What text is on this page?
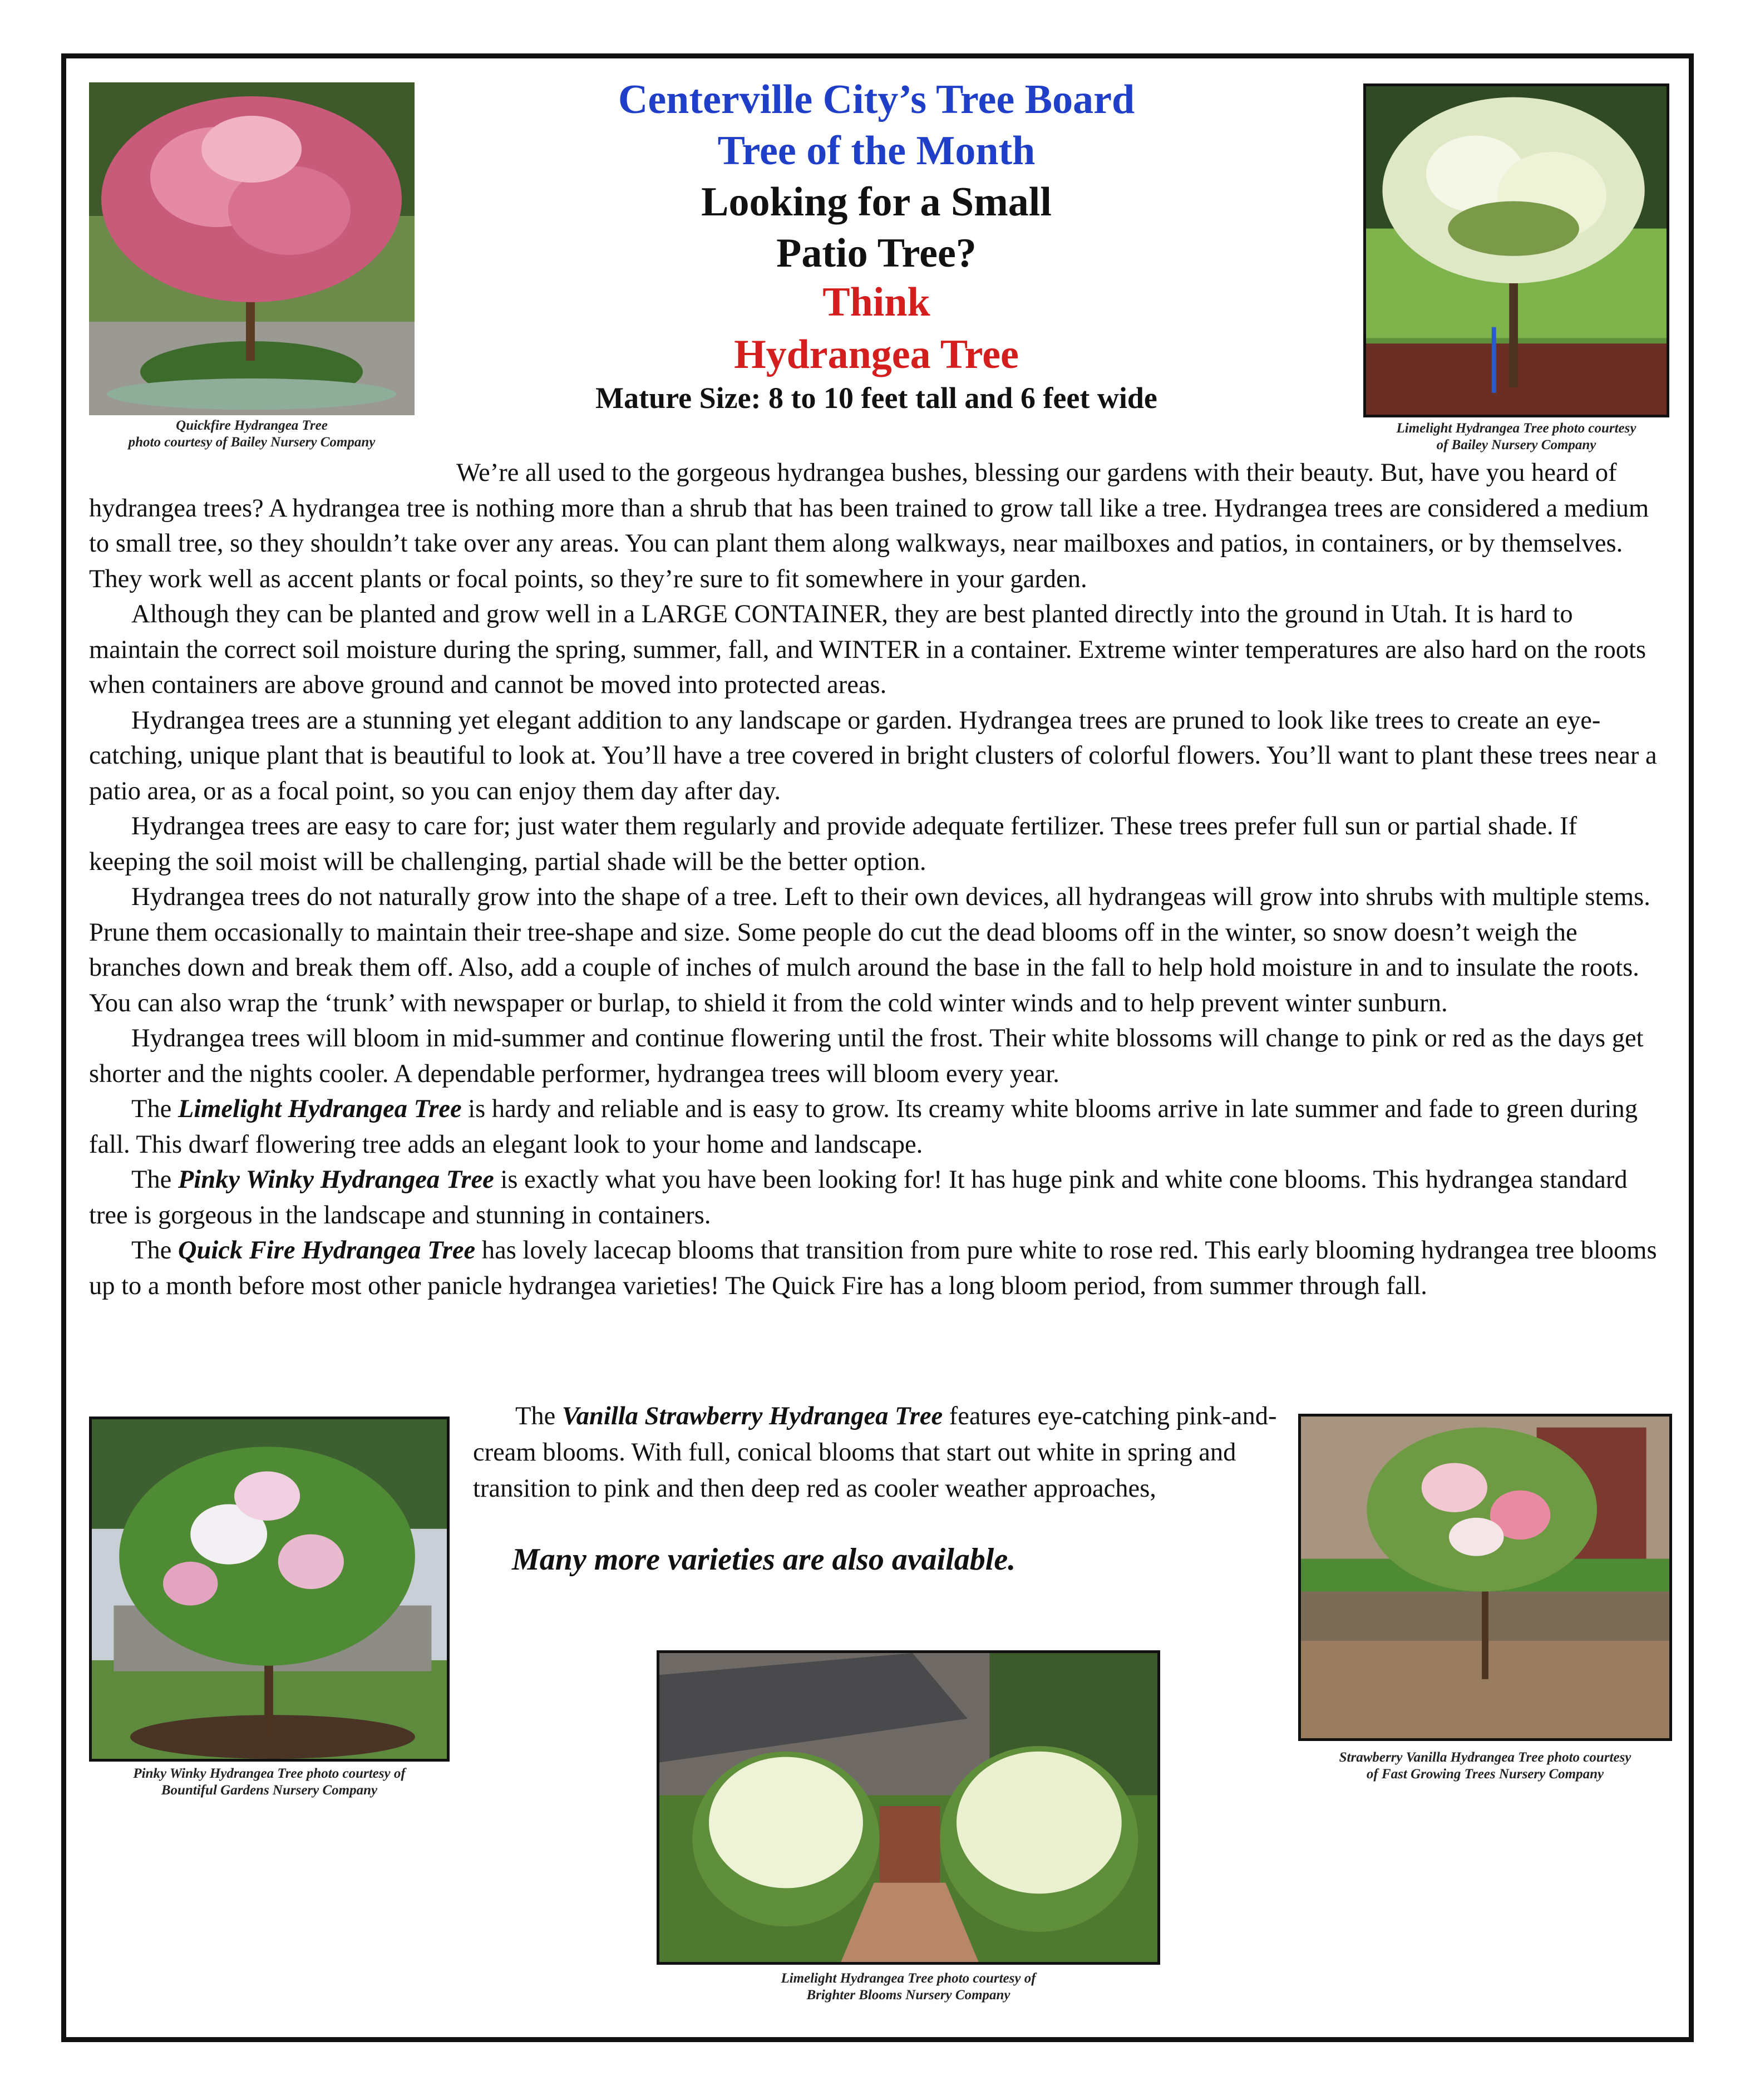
Quickfire Hydrangea Tree
photo courtesy of Bailey Nursery Company
Limelight Hydrangea Tree photo courtesy
of Bailey Nursery Company
Centerville City’s Tree Board
Tree of the Month
Looking for a Small
Patio Tree?
Think
Hydrangea Tree
Mature Size: 8 to 10 feet tall and 6 feet wide

We’re all used to the gorgeous hydrangea bushes, blessing our gardens with their beauty. But, have you heard of hydrangea trees? A hydrangea tree is nothing more than a shrub that has been trained to grow tall like a tree. Hydrangea trees are considered a medium to small tree, so they shouldn’t take over any areas. You can plant them along walkways, near mailboxes and patios, in containers, or by themselves. They work well as accent plants or focal points, so they’re sure to fit somewhere in your garden.

Although they can be planted and grow well in a LARGE CONTAINER, they are best planted directly into the ground in Utah. It is hard to maintain the correct soil moisture during the spring, summer, fall, and WINTER in a container. Extreme winter temperatures are also hard on the roots when containers are above ground and cannot be moved into protected areas.

Hydrangea trees are a stunning yet elegant addition to any landscape or garden. Hydrangea trees are pruned to look like trees to create an eye-catching, unique plant that is beautiful to look at. You’ll have a tree covered in bright clusters of colorful flowers. You’ll want to plant these trees near a patio area, or as a focal point, so you can enjoy them day after day.

Hydrangea trees are easy to care for; just water them regularly and provide adequate fertilizer. These trees prefer full sun or partial shade. If keeping the soil moist will be challenging, partial shade will be the better option.

Hydrangea trees do not naturally grow into the shape of a tree. Left to their own devices, all hydrangeas will grow into shrubs with multiple stems. Prune them occasionally to maintain their tree-shape and size. Some people do cut the dead blooms off in the winter, so snow doesn’t weigh the branches down and break them off. Also, add a couple of inches of mulch around the base in the fall to help hold moisture in and to insulate the roots. You can also wrap the ‘trunk’ with newspaper or burlap, to shield it from the cold winter winds and to help prevent winter sunburn.

Hydrangea trees will bloom in mid-summer and continue flowering until the frost. Their white blossoms will change to pink or red as the days get shorter and the nights cooler. A dependable performer, hydrangea trees will bloom every year.

The Limelight Hydrangea Tree is hardy and reliable and is easy to grow. Its creamy white blooms arrive in late summer and fade to green during fall. This dwarf flowering tree adds an elegant look to your home and landscape.

The Pinky Winky Hydrangea Tree is exactly what you have been looking for! It has huge pink and white cone blooms. This hydrangea standard tree is gorgeous in the landscape and stunning in containers.

The Quick Fire Hydrangea Tree has lovely lacecap blooms that transition from pure white to rose red. This early blooming hydrangea tree blooms up to a month before most other panicle hydrangea varieties! The Quick Fire has a long bloom period, from summer through fall.

Pinky Winky Hydrangea Tree photo courtesy of
Bountiful Gardens Nursery Company

The Vanilla Strawberry Hydrangea Tree features eye-catching pink-and-cream blooms. With full, conical blooms that start out white in spring and transition to pink and then deep red as cooler weather approaches,

Many more varieties are also available.
Strawberry Vanilla Hydrangea Tree photo courtesy
of Fast Growing Trees Nursery Company
Limelight Hydrangea Tree photo courtesy of
Brighter Blooms Nursery Company
